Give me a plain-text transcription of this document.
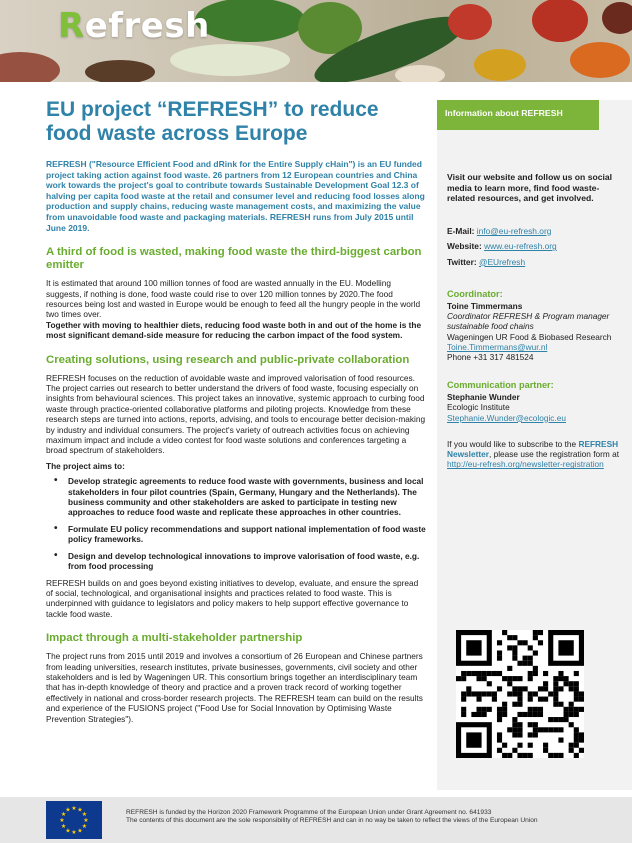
Refresh
EU project “REFRESH” to reduce food waste across Europe
REFRESH ("Resource Efficient Food and dRink for the Entire Supply cHain") is an EU funded project taking action against food waste. 26 partners from 12 European countries and China work towards the project's goal to contribute towards Sustainable Development Goal 12.3 of halving per capita food waste at the retail and consumer level and reducing food losses along production and supply chains, reducing waste management costs, and maximizing the value from unavoidable food waste and packaging materials. REFRESH runs from July 2015 until June 2019.
A third of food is wasted, making food waste the third-biggest carbon emitter

It is estimated that around 100 million tonnes of food are wasted annually in the EU. Modelling suggests, if nothing is done, food waste could rise to over 120 million tonnes by 2020.The food resources being lost and wasted in Europe would be enough to feed all the hungry people in the world two times over.
Together with moving to healthier diets, reducing food waste both in and out of the home is the most significant demand-side measure for reducing the carbon impact of the food system.

Creating solutions, using research and public-private collaboration

REFRESH focuses on the reduction of avoidable waste and improved valorisation of food resources. The project carries out research to better understand the drivers of food waste, focusing especially on insights from behavioural sciences. This project takes an innovative, systemic approach to curbing food waste through practice-oriented collaborative platforms and piloting projects. Knowledge from these research steps are turned into actions, reports, advising, and tools to encourage better decision-making by industry and individual consumers. The project's variety of outreach activities focus on achieving maximum impact and include a video contest for food waste solutions and conferences targeting a broad spectrum of stakeholders.

The project aims to:

• Develop strategic agreements to reduce food waste with governments, business and local stakeholders in four pilot countries (Spain, Germany, Hungary and the Netherlands). The business community and other stakeholders are asked to participate in testing new approaches to reduce food waste and replicate these approaches in other countries.
• Formulate EU policy recommendations and support national implementation of food waste policy frameworks.
• Design and develop technological innovations to improve valorisation of food waste, e.g. from food processing

REFRESH builds on and goes beyond existing initiatives to develop, evaluate, and ensure the spread of social, technological, and organisational insights and practices related to food waste. This is underpinned with guidance to legislators and policy makers to help support effective governance to tackle food waste.

Impact through a multi-stakeholder partnership

The project runs from 2015 until 2019 and involves a consortium of 26 European and Chinese partners from leading universities, research institutes, private businesses, governments, civil society and other stakeholders and is led by Wageningen UR. This consortium brings together an interdisciplinary team that has in-depth knowledge of theory and practice and a proven track record of working together effectively in national and cross-border research projects. The REFRESH team can build on the results and experience of the FUSIONS project ("Food Use for Social Innovation by Optimising Waste Prevention Strategies").

Information about REFRESH
Visit our website and follow us on social media to learn more, find food waste-related resources, and get involved.
E-Mail: info@eu-refresh.org
Website: www.eu-refresh.org
Twitter: @EUrefresh
Coordinator:
Toine Timmermans
Coordinator REFRESH & Program manager sustainable food chains
Wageningen UR Food & Biobased Research
Toine.Timmermans@wur.nl
Phone +31 317 481524
Communication partner:
Stephanie Wunder
Ecologic Institute
Stephanie.Wunder@ecologic.eu
If you would like to subscribe to the REFRESH Newsletter, please use the registration form at http://eu-refresh.org/newsletter-registration
★ ★
★
★
★
★
★
★
★
★
★
★	REFRESH is funded by the Horizon 2020 Framework Programme of the European Union under Grant Agreement no. 641933
The contents of this document are the sole responsibility of REFRESH and can in no way be taken to reflect the views of the European Union
